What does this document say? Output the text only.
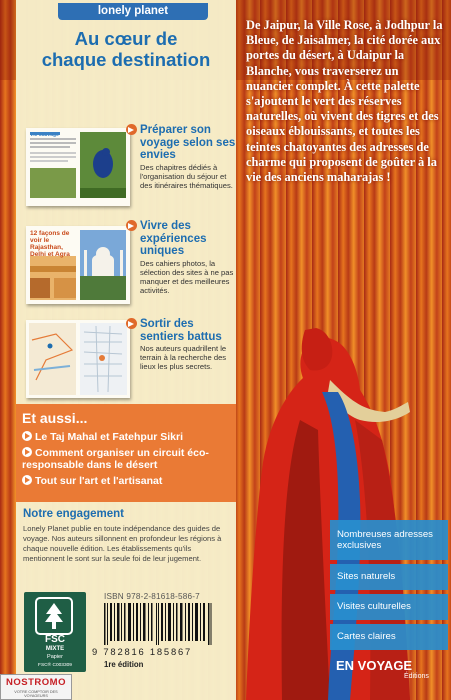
lonely planet
Au cœur de
chaque destination
Vie sauvage	Préparer son voyage selon ses envies
Des chapitres dédiés à l'organisation du séjour et des itinéraires thématiques.
12 façons de voir le Rajasthan, Delhi et Agra
Vivre des expériences uniques
Des cahiers photos, la sélection des sites à ne pas manquer et des meilleures activités.
Sortir des sentiers battus
Nos auteurs quadrillent le terrain à la recherche des lieux les plus secrets.
Et aussi...
Le Taj Mahal et Fatehpur Sikri
Comment organiser un circuit éco-responsable dans le désert
Tout sur l'art et l'artisanat
Notre engagement
Lonely Planet publie en toute indépendance des guides de voyage. Nos auteurs sillonnent en profondeur les régions à chaque nouvelle édition. Les établissements qu'ils mentionnent le sont sur la seule foi de leur jugement.
FSC
MIXTE
Papier
FSC® C003309
ISBN 978-2-81618-586-7
9 782816 185867
1re édition
NOSTROMO
VOTRE COMPTOIR DES VOYAGEURS
De Jaipur, la Ville Rose, à Jodhpur la Bleue, de Jaisalmer, la cité dorée aux portes du désert, à Udaipur la Blanche, vous traverserez un nuancier complet. À cette palette s'ajoutent le vert des réserves naturelles, où vivent des tigres et des oiseaux éblouissants, et toutes les teintes chatoyantes des adresses de charme qui proposent de goûter à la vie des anciens maharajas !
Nombreuses adresses exclusives
Sites naturels
Visites culturelles
Cartes claires
EN VOYAGE
Éditions
